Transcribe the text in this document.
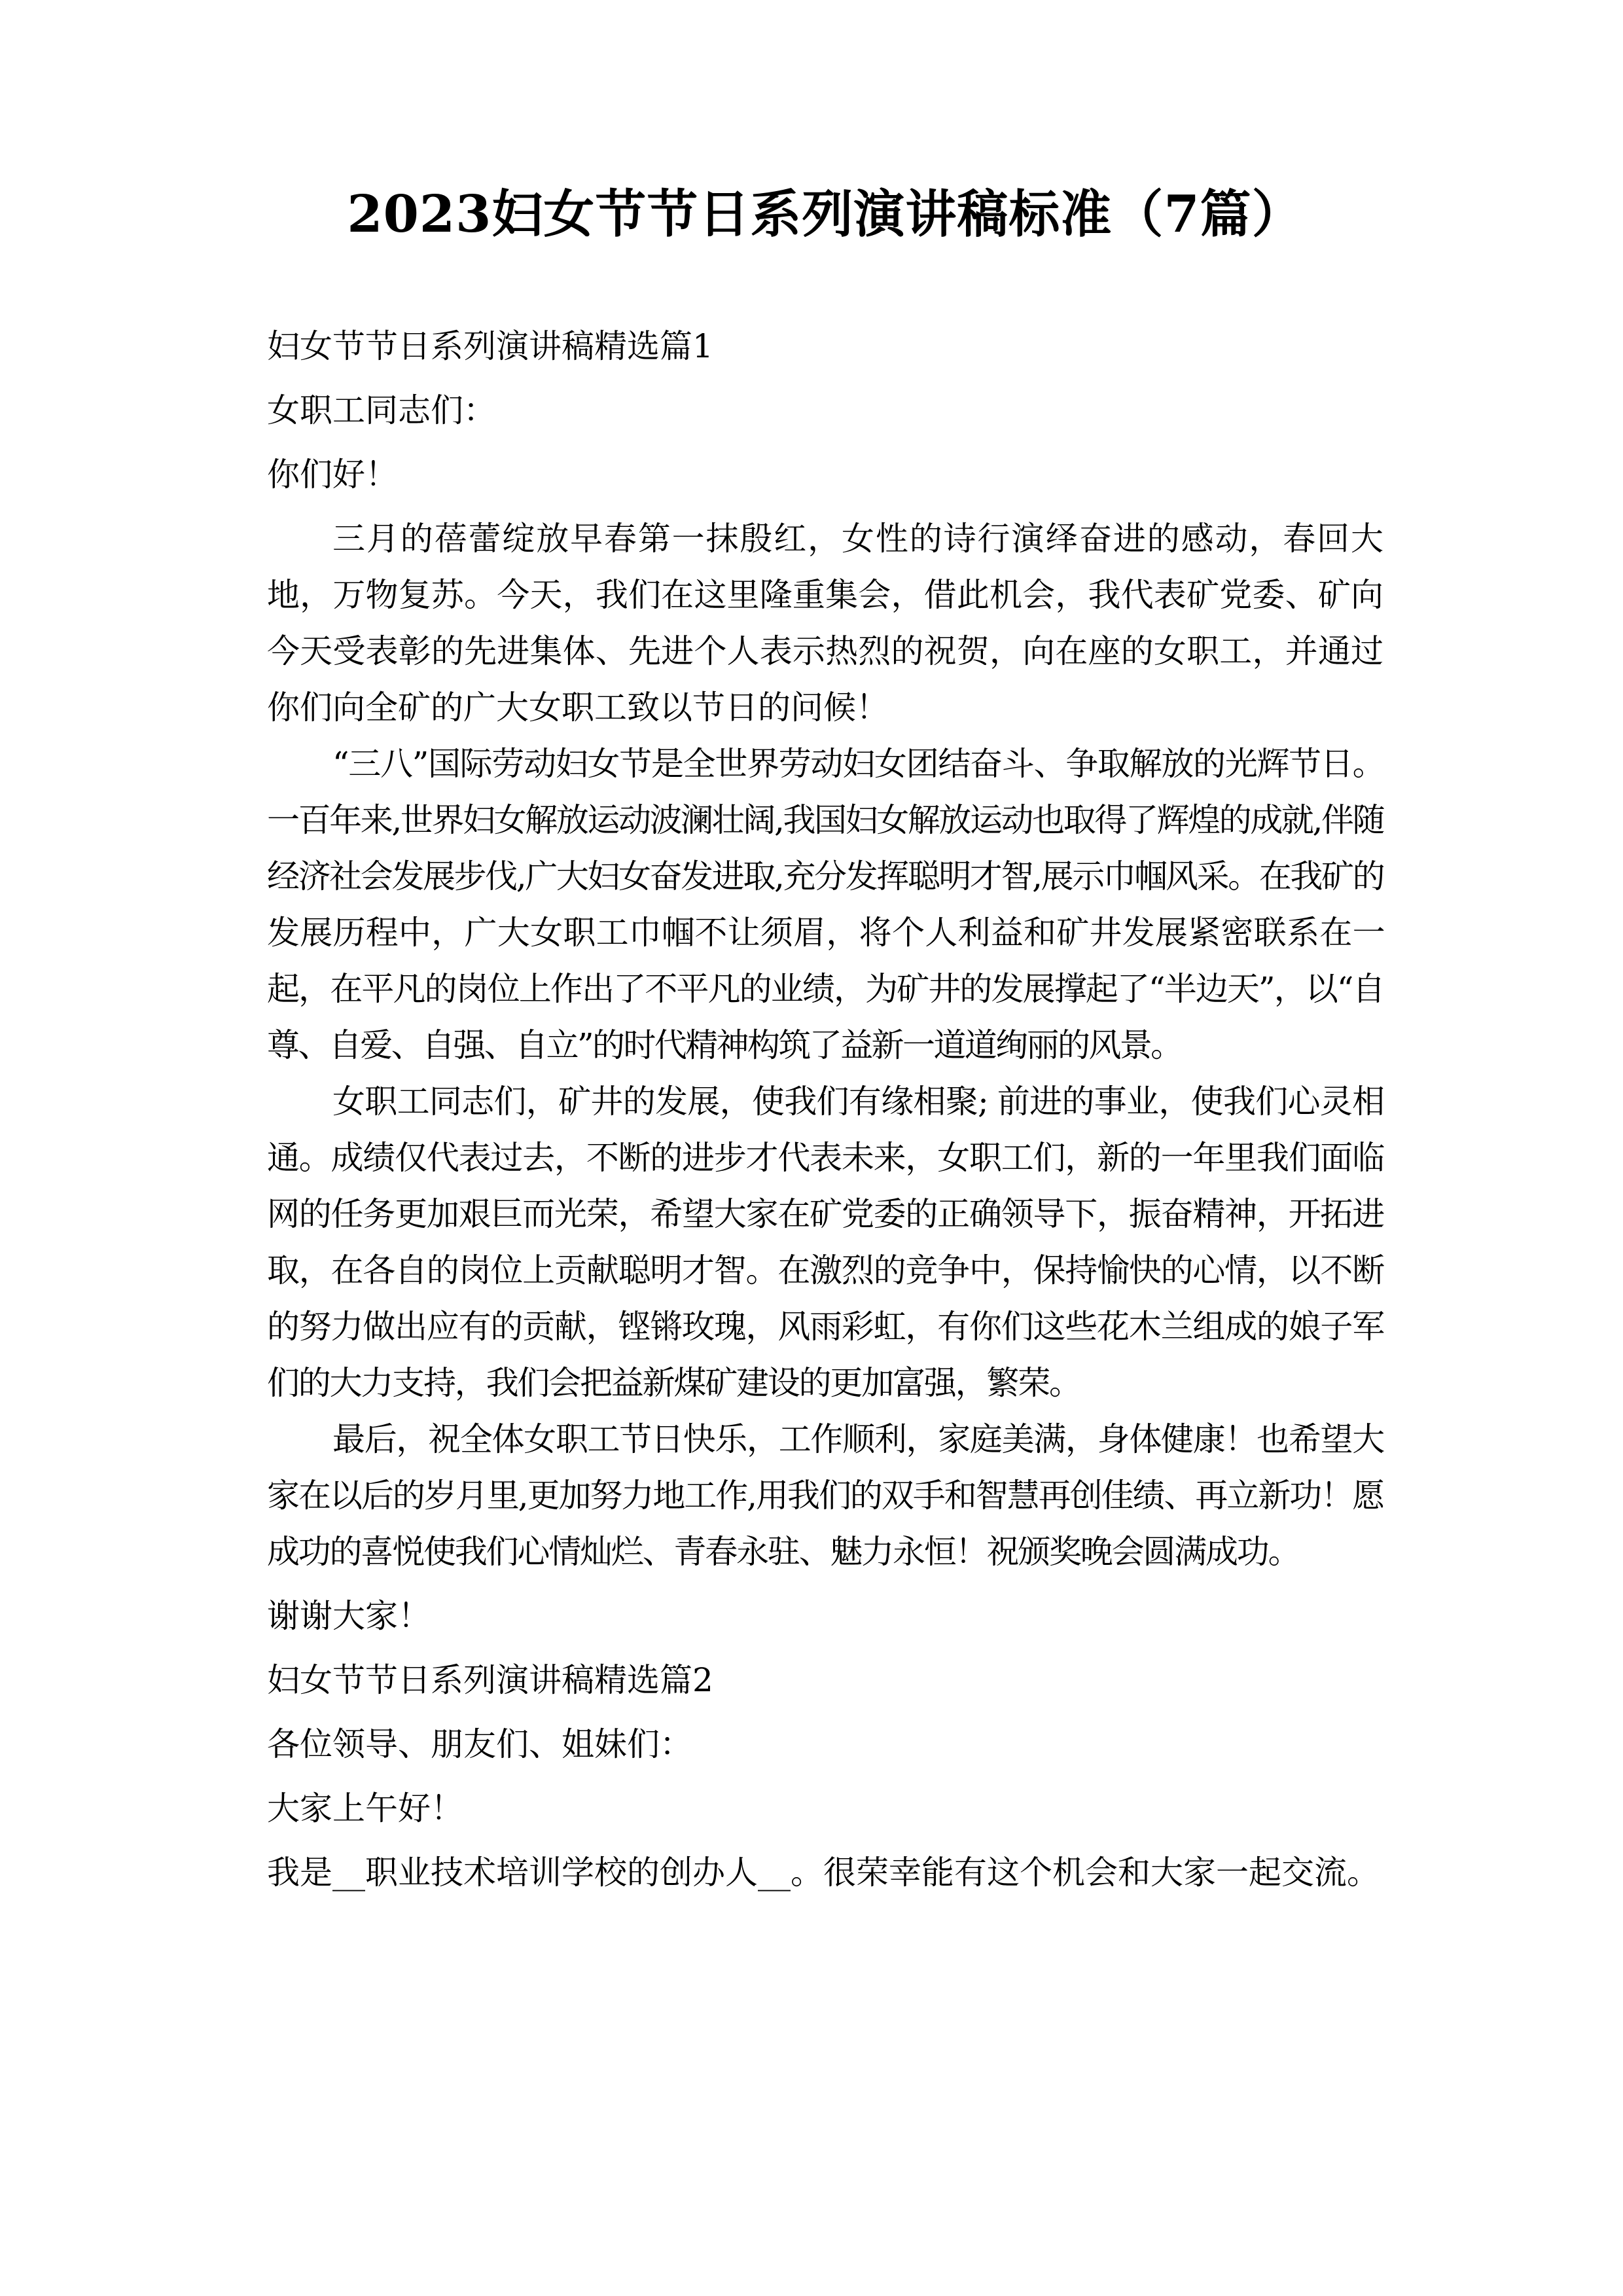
2023妇女节节日系列演讲稿标准（7篇）

妇女节节日系列演讲稿精选篇1

女职工同志们：

你们好！

三月的蓓蕾绽放早春第一抹殷红，女性的诗行演绎奋进的感动，春回大地，万物复苏。今天，我们在这里隆重集会，借此机会，我代表矿党委、矿向今天受表彰的先进集体、先进个人表示热烈的祝贺，向在座的女职工，并通过你们向全矿的广大女职工致以节日的问候！

“三八”国际劳动妇女节是全世界劳动妇女团结奋斗、争取解放的光辉节日。一百年来,世界妇女解放运动波澜壮阔,我国妇女解放运动也取得了辉煌的成就,伴随经济社会发展步伐,广大妇女奋发进取,充分发挥聪明才智,展示巾帼风采。在我矿的发展历程中，广大女职工巾帼不让须眉，将个人利益和矿井发展紧密联系在一起，在平凡的岗位上作出了不平凡的业绩，为矿井的发展撑起了“半边天”，以“自尊、自爱、自强、自立”的时代精神构筑了益新一道道绚丽的风景。

女职工同志们，矿井的发展，使我们有缘相聚; 前进的事业，使我们心灵相通。成绩仅代表过去，不断的进步才代表未来，女职工们，新的一年里我们面临网的任务更加艰巨而光荣，希望大家在矿党委的正确领导下，振奋精神，开拓进取，在各自的岗位上贡献聪明才智。在激烈的竞争中，保持愉快的心情，以不断的努力做出应有的贡献，铿锵玫瑰，风雨彩虹，有你们这些花木兰组成的娘子军们的大力支持，我们会把益新煤矿建设的更加富强，繁荣。

最后，祝全体女职工节日快乐，工作顺利，家庭美满，身体健康！也希望大家在以后的岁月里,更加努力地工作,用我们的双手和智慧再创佳绩、再立新功！愿成功的喜悦使我们心情灿烂、青春永驻、魅力永恒！祝颁奖晚会圆满成功。

谢谢大家！

妇女节节日系列演讲稿精选篇2

各位领导、朋友们、姐妹们：

大家上午好！

我是__职业技术培训学校的创办人__。很荣幸能有这个机会和大家一起交流。
